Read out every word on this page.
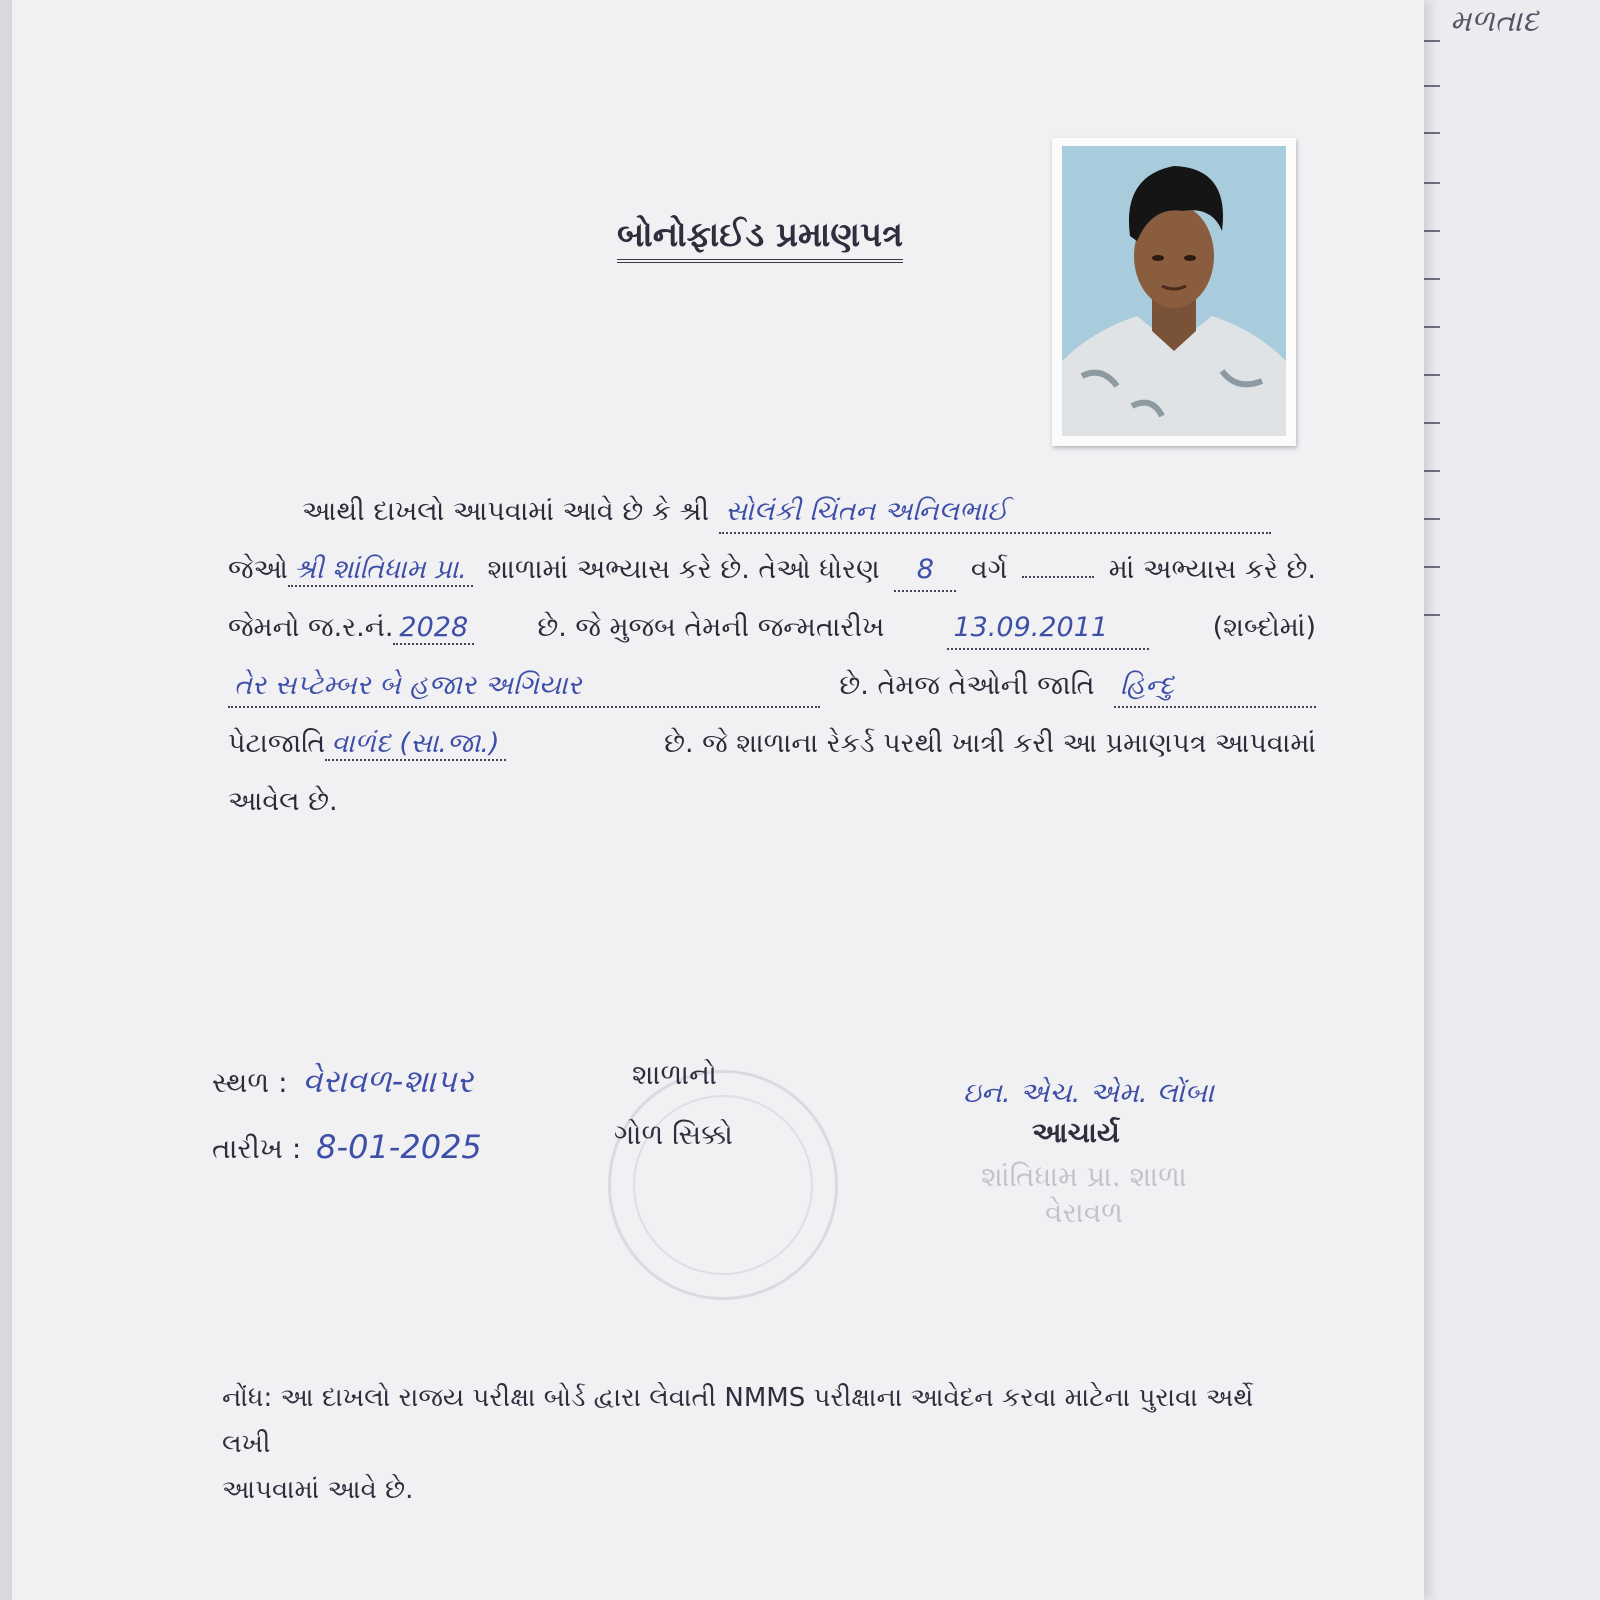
મળતાદ
બોનોફાઈડ પ્રમાણપત્ર
આથી દાખલો આપવામાં આવે છે કે શ્રી સોલંકી ચિંતન અનિલભાઈ
જેઓ શ્રી શાંતિધામ પ્રા. શાળામાં અભ્યાસ કરે છે. તેઓ ધોરણ	8	વર્ગ	માં અભ્યાસ કરે છે.
જેમનો જ.ર.નં. 2028	છે. જે મુજબ તેમની જન્મતારીખ	13.09.2011	(શબ્દોમાં)
તેર સપ્ટેમ્બર બે હજાર અગિયાર	છે. તેમજ તેઓની જાતિ હિન્દુ
પેટાજાતિ વાળંદ (સા.જા.)	છે. જે શાળાના રેકર્ડ પરથી ખાત્રી કરી આ પ્રમાણપત્ર આપવામાં
આવેલ છે.
સ્થળ : વેરાવળ-શાપર
તારીખ : 8-01-2025
શાળાનો
ગોળ સિક્કો
ઇન. એચ. એમ. લોંબા
આચાર્ય
શાંતિધામ પ્રા. શાળા
વેરાવળ
નોંધ: આ દાખલો રાજય પરીક્ષા બોર્ડ દ્વારા લેવાતી NMMS પરીક્ષાના આવેદન કરવા માટેના પુરાવા અર્થે લખી
આપવામાં આવે છે.
